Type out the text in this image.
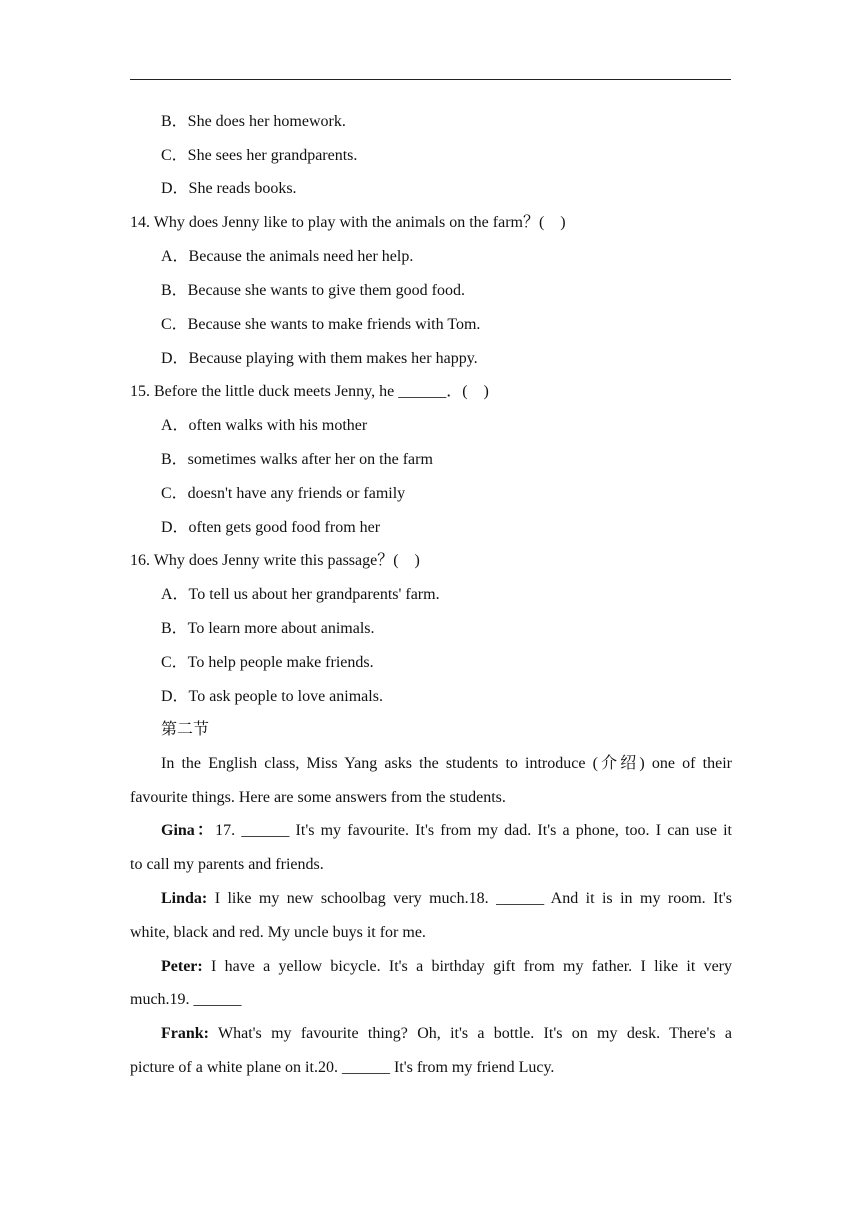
B．She does her homework.
C．She sees her grandparents.
D．She reads books.
14. Why does Jenny like to play with the animals on the farm？(　)
A．Because the animals need her help.
B．Because she wants to give them good food.
C．Because she wants to make friends with Tom.
D．Because playing with them makes her happy.
15. Before the little duck meets Jenny, he ______．(　)
A．often walks with his mother
B．sometimes walks after her on the farm
C．doesn't have any friends or family
D．often gets good food from her
16. Why does Jenny write this passage？(　)
A．To tell us about her grandparents' farm.
B．To learn more about animals.
C．To help people make friends.
D．To ask people to love animals.
第二节
In the English class, Miss Yang asks the students to introduce (介绍) one of their
favourite things. Here are some answers from the students.
Gina：17. ______ It's my favourite. It's from my dad. It's a phone, too. I can use it
to call my parents and friends.
Linda: I like my new schoolbag very much.18. ______ And it is in my room. It's
white, black and red. My uncle buys it for me.
Peter: I have a yellow bicycle. It's a birthday gift from my father. I like it very
much.19. ______
Frank: What's my favourite thing? Oh, it's a bottle. It's on my desk. There's a
picture of a white plane on it.20. ______ It's from my friend Lucy.
